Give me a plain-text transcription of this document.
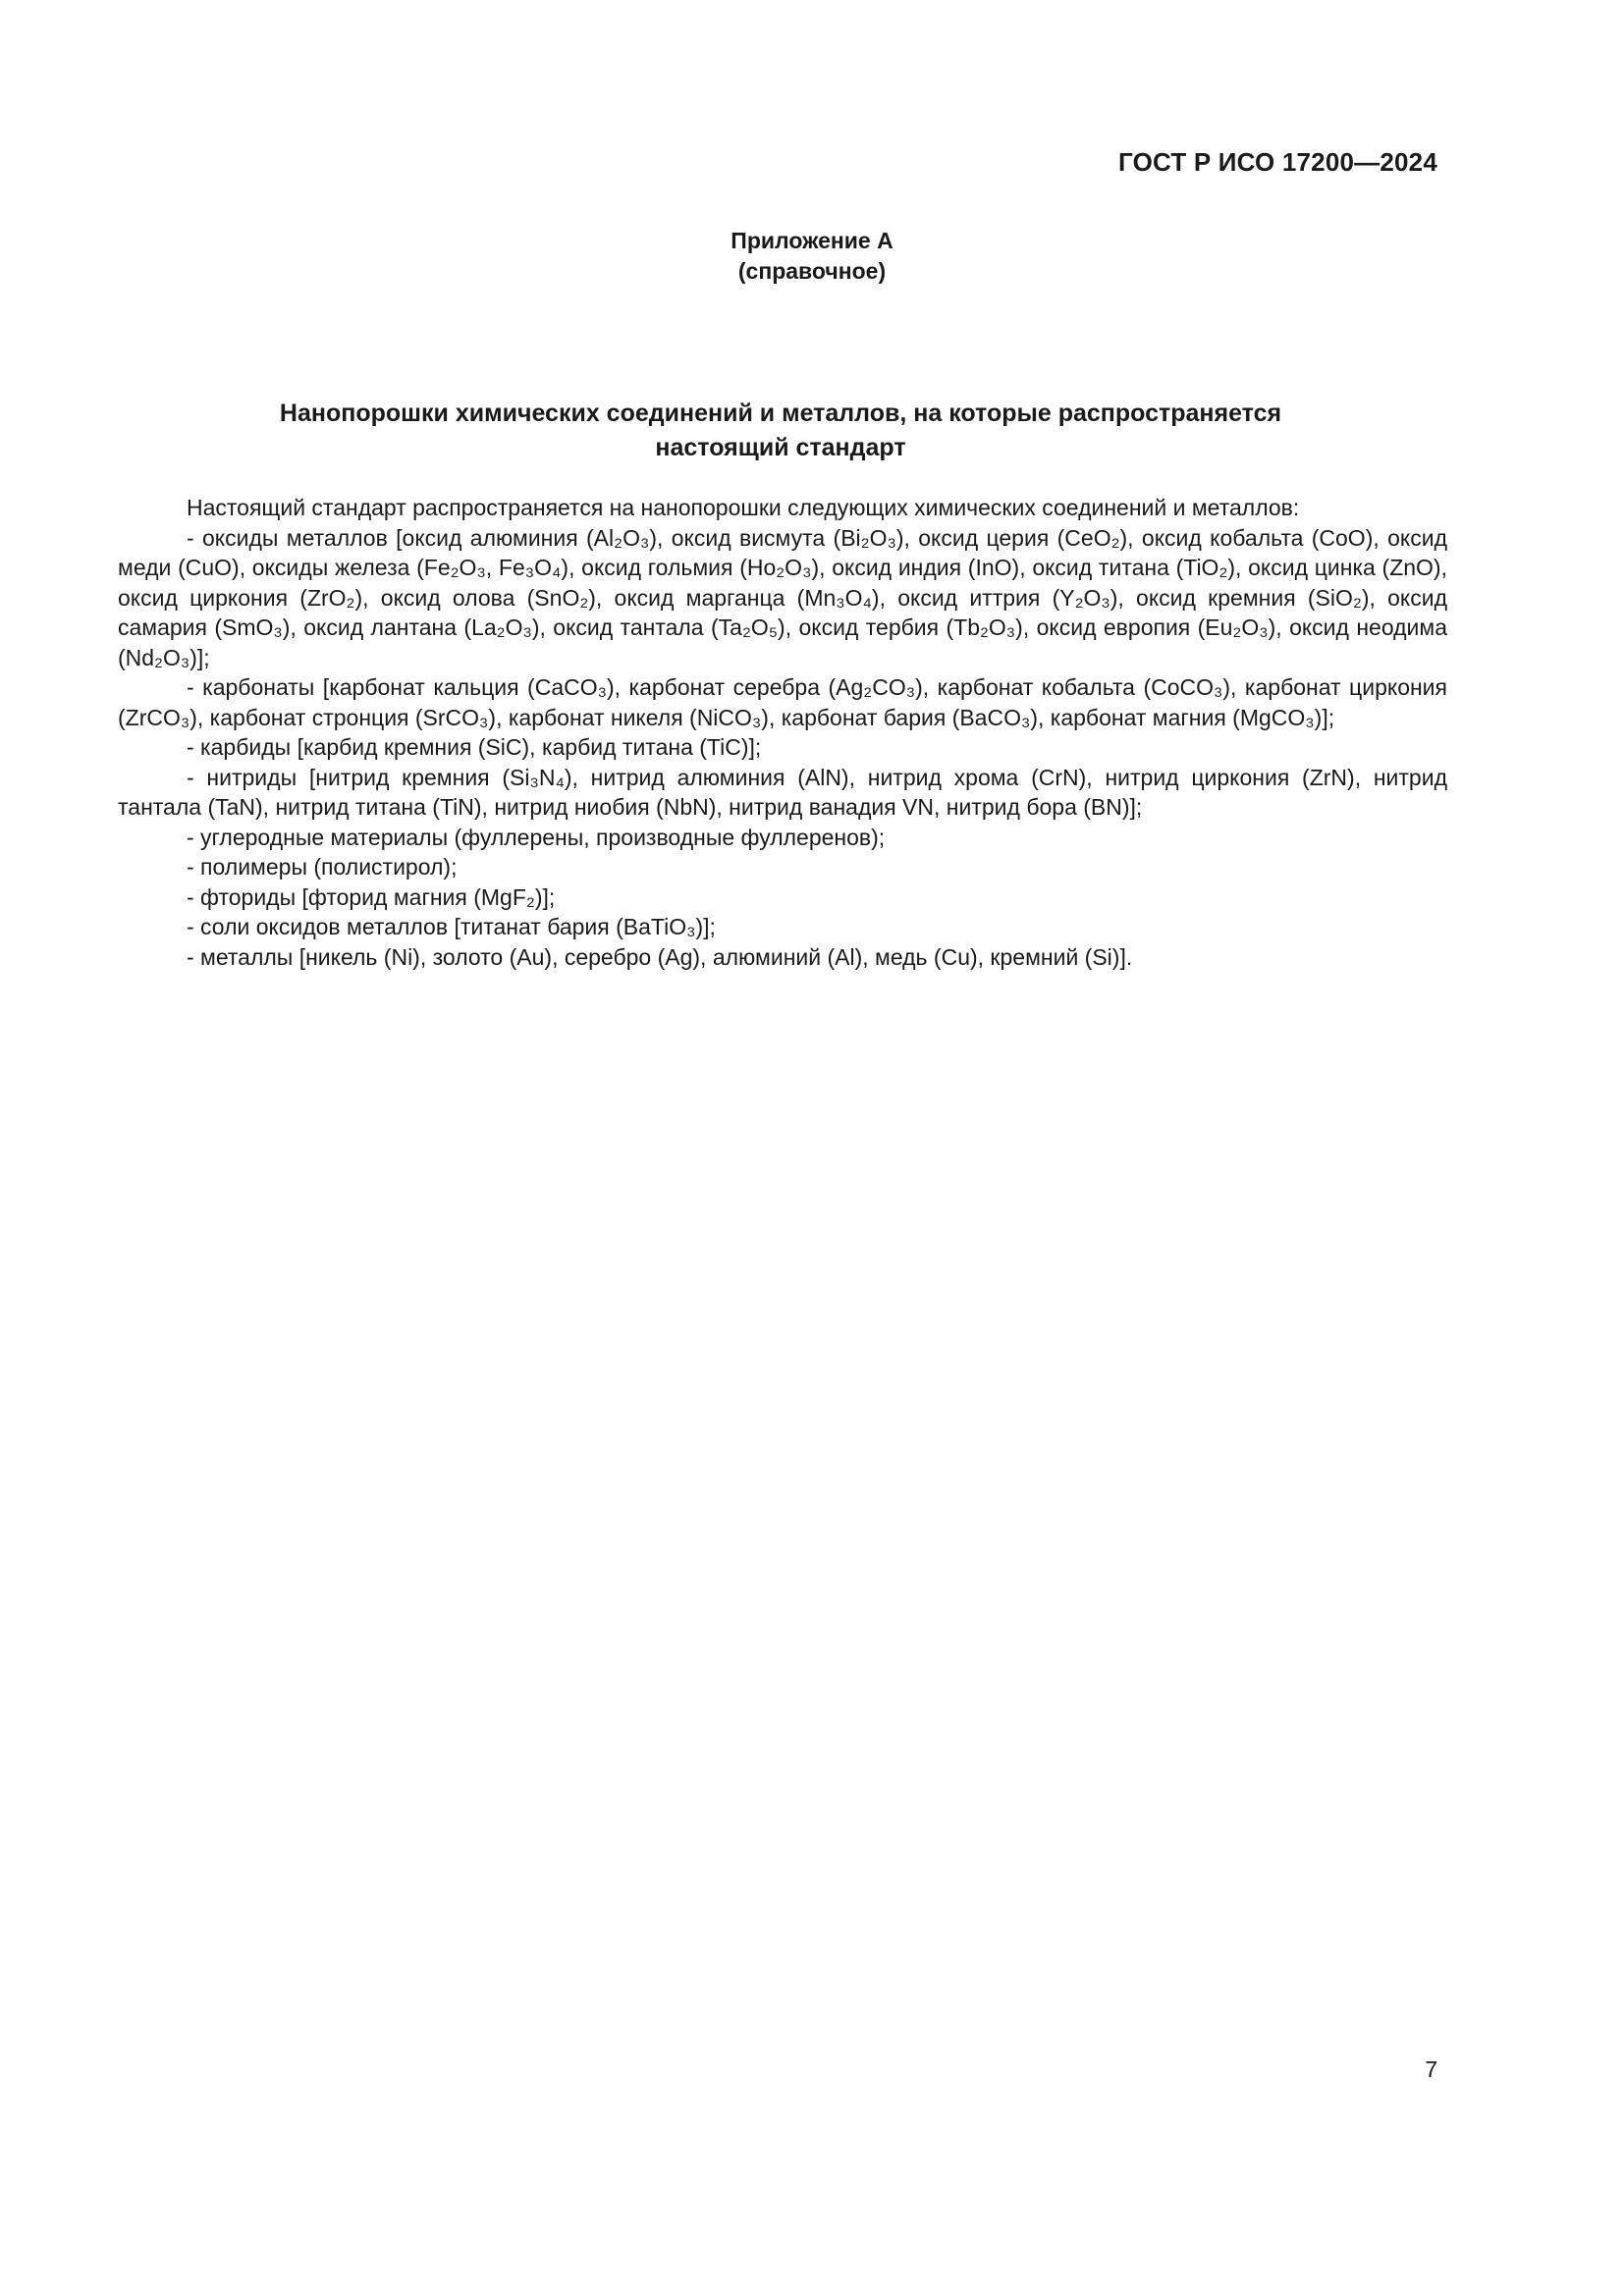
ГОСТ Р ИСО 17200—2024
Приложение А
(справочное)
Нанопорошки химических соединений и металлов, на которые распространяется
настоящий стандарт

Настоящий стандарт распространяется на нанопорошки следующих химических соединений и металлов:

- оксиды металлов [оксид алюминия (Al₂O₃), оксид висмута (Bi₂O₃), оксид церия (CeO₂), оксид кобальта (CoO), оксид меди (CuO), оксиды железа (Fe₂O₃, Fe₃O₄), оксид гольмия (Ho₂O₃), оксид индия (InO), оксид титана (TiO₂), оксид цинка (ZnO), оксид циркония (ZrO₂), оксид олова (SnO₂), оксид марганца (Mn₃O₄), оксид иттрия (Y₂O₃), оксид кремния (SiO₂), оксид самария (SmO₃), оксид лантана (La₂O₃), оксид тантала (Ta₂O₅), оксид тербия (Tb₂O₃), оксид европия (Eu₂O₃), оксид неодима (Nd₂O₃)];

- карбонаты [карбонат кальция (CaCO₃), карбонат серебра (Ag₂CO₃), карбонат кобальта (CoCO₃), карбонат циркония (ZrCO₃), карбонат стронция (SrCO₃), карбонат никеля (NiCO₃), карбонат бария (BaCO₃), карбонат магния (MgCO₃)];

- карбиды [карбид кремния (SiC), карбид титана (TiC)];

- нитриды [нитрид кремния (Si₃N₄), нитрид алюминия (AlN), нитрид хрома (CrN), нитрид циркония (ZrN), нитрид тантала (TaN), нитрид титана (TiN), нитрид ниобия (NbN), нитрид ванадия VN, нитрид бора (BN)];

- углеродные материалы (фуллерены, производные фуллеренов);

- полимеры (полистирол);

- фториды [фторид магния (MgF₂)];

- соли оксидов металлов [титанат бария (BaTiO₃)];

- металлы [никель (Ni), золото (Au), серебро (Ag), алюминий (Al), медь (Cu), кремний (Si)].

7
